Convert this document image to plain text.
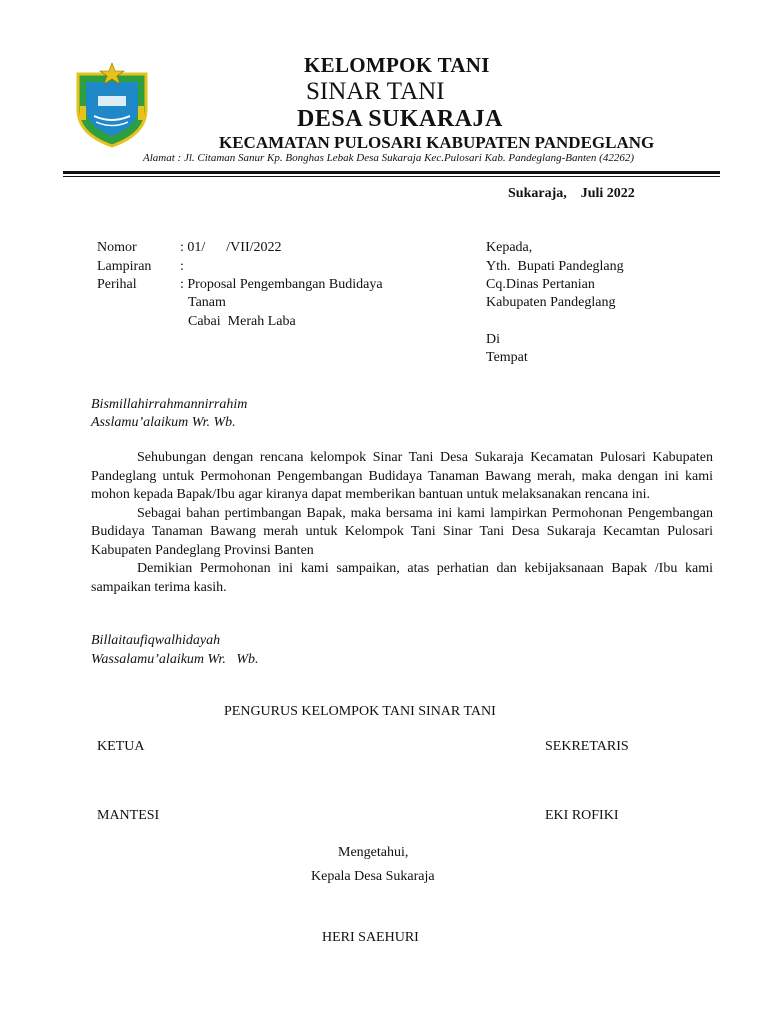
KELOMPOK TANI
SINAR TANI
DESA SUKARAJA
KECAMATAN PULOSARI KABUPATEN PANDEGLANG
Alamat : Jl. Citaman Sanur Kp. Bonghas Lebak Desa Sukaraja Kec.Pulosari Kab. Pandeglang-Banten (42262)
Sukaraja,    Juli 2022
Nomor	: 01/      /VII/2022
Lampiran :
Perihal	: Proposal Pengembangan Budidaya
Tanam
Cabai  Merah Laba
Kepada,
Yth.  Bupati Pandeglang
Cq.Dinas Pertanian
Kabupaten Pandeglang
Di
Tempat
Bismillahirrahmannirrahim
Asslamu’alaikum Wr. Wb.

Sehubungan dengan rencana kelompok Sinar Tani Desa Sukaraja Kecamatan Pulosari Kabupaten Pandeglang untuk Permohonan Pengembangan Budidaya Tanaman Bawang merah, maka dengan ini kami mohon kepada Bapak/Ibu agar kiranya dapat memberikan bantuan untuk melaksanakan rencana ini.

Sebagai bahan pertimbangan Bapak, maka bersama ini kami lampirkan Permohonan Pengembangan Budidaya Tanaman Bawang merah untuk Kelompok Tani Sinar Tani Desa Sukaraja Kecamtan Pulosari Kabupaten Pandeglang Provinsi Banten

Demikian Permohonan ini kami sampaikan, atas perhatian dan kebijaksanaan Bapak /Ibu kami sampaikan terima kasih.

Billaitaufiqwalhidayah
Wassalamu’alaikum Wr.   Wb.
PENGURUS KELOMPOK TANI SINAR TANI
KETUA	SEKRETARIS
MANTESI	EKI ROFIKI
Mengetahui,
Kepala Desa Sukaraja
HERI SAEHURI
